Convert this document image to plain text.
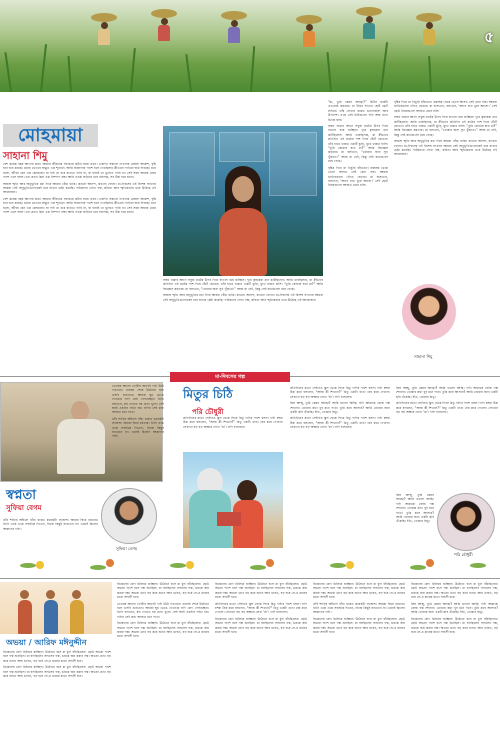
৫
মোহমায়া
সাহানা শিমু

বেশ কয়েক বছর আগের কথা। আমার জীবনের সবচেয়ে কঠিন সময় তখন। একদিন সকালে দেখলাম মেঘলা আকাশ, বৃষ্টি হবে হবে করছে। মনের ভেতরে অদ্ভুত এক শূন্যতা। আমি জানালার পাশে বসে দেখছিলাম কীভাবে পাখিরা ঘরে ফিরছে। মনে হলো, জীবন যেন এক মোহমায়া। যা পাই তা ধরে রাখতে পারি না, যা হারাই তা ভুলতে পারি না। সেই সময় আমার মেয়ে পাশে এসে বসল। ওর চোখে ছিল এক নিষ্পাপ প্রশ্ন। আমি তাকে জড়িয়ে ধরে বললাম, সব ঠিক হয়ে যাবে।

অজস্র স্মৃতি আর অনুভূতির মধ্য দিয়ে আমরা বেঁচে থাকি। কখনো আনন্দ, কখনো বেদনা। মা-দিবসের এই বিশেষ সংখ্যায় আমরা সেই অনুভূতিগুলোকেই ধরে রাখার চেষ্টা করেছি। পাঠকদের লেখা গল্প, কবিতা আর স্মৃতিকথায় ভরে উঠেছে এই আয়োজন।

বেশ কয়েক বছর আগের কথা। আমার জীবনের সবচেয়ে কঠিন সময় তখন। একদিন সকালে দেখলাম মেঘলা আকাশ, বৃষ্টি হবে হবে করছে। মনের ভেতরে অদ্ভুত এক শূন্যতা। আমি জানালার পাশে বসে দেখছিলাম কীভাবে পাখিরা ঘরে ফিরছে। মনে হলো, জীবন যেন এক মোহমায়া। যা পাই তা ধরে রাখতে পারি না, যা হারাই তা ভুলতে পারি না। সেই সময় আমার মেয়ে পাশে এসে বসল। ওর চোখে ছিল এক নিষ্পাপ প্রশ্ন। আমি তাকে জড়িয়ে ধরে বললাম, সব ঠিক হয়ে যাবে।

সন্ধ্যা নামার আগে সবুজ মাঠের উপর দিয়ে বাতাস বয়ে যাচ্ছিল। দূরে কৃষকেরা ধান কাটছিলেন। আমি ভাবছিলাম, মা কীভাবে প্রতিদিন এই মাঠের পাশ দিয়ে হেঁটে যেতেন। তাঁর হাতে থাকত একটি ঝুড়ি, মুখে থাকত হাসি। “তুমি কোথায় যাও মা?” আমি জিজ্ঞেস করতাম। মা বলতেন, “তোমার জন্য সুখ খুঁজতে।” আজ মা নেই, কিন্তু সেই কথাগুলো রয়ে গেছে।

অজস্র স্মৃতি আর অনুভূতির মধ্য দিয়ে আমরা বেঁচে থাকি। কখনো আনন্দ, কখনো বেদনা। মা-দিবসের এই বিশেষ সংখ্যায় আমরা সেই অনুভূতিগুলোকেই ধরে রাখার চেষ্টা করেছি। পাঠকদের লেখা গল্প, কবিতা আর স্মৃতিকথায় ভরে উঠেছে এই আয়োজন।

“মা, তুমি কেমন আছো?” চিঠির শুরুটা এভাবেই করতাম। মা উত্তর দিতেন ছোট ছোট লাইনে। তাঁর লেখায় থাকত ভালোবাসা আর উপদেশ। এখন সেই চিঠিগুলো পড়ি আর চোখ ভিজে যায়।

সন্ধ্যা নামার আগে সবুজ মাঠের উপর দিয়ে বাতাস বয়ে যাচ্ছিল। দূরে কৃষকেরা ধান কাটছিলেন। আমি ভাবছিলাম, মা কীভাবে প্রতিদিন এই মাঠের পাশ দিয়ে হেঁটে যেতেন। তাঁর হাতে থাকত একটি ঝুড়ি, মুখে থাকত হাসি। “তুমি কোথায় যাও মা?” আমি জিজ্ঞেস করতাম। মা বলতেন, “তোমার জন্য সুখ খুঁজতে।” আজ মা নেই, কিন্তু সেই কথাগুলো রয়ে গেছে।

বৃষ্টির দিনে মা খিচুড়ি রাঁধতেন। রান্নাঘর থেকে ভেসে আসত সেই চেনা গন্ধ। আমরা ভাইবোনেরা দৌড়ে যেতাম। মা হাসতেন, বলতেন, ‘আগে হাত ধুয়ে আসো।’ সেই ছোট্ট নিয়মগুলো আজও মেনে চলি।

বৃষ্টির দিনে মা খিচুড়ি রাঁধতেন। রান্নাঘর থেকে ভেসে আসত সেই চেনা গন্ধ। আমরা ভাইবোনেরা দৌড়ে যেতাম। মা হাসতেন, বলতেন, ‘আগে হাত ধুয়ে আসো।’ সেই ছোট্ট নিয়মগুলো আজও মেনে চলি।

সন্ধ্যা নামার আগে সবুজ মাঠের উপর দিয়ে বাতাস বয়ে যাচ্ছিল। দূরে কৃষকেরা ধান কাটছিলেন। আমি ভাবছিলাম, মা কীভাবে প্রতিদিন এই মাঠের পাশ দিয়ে হেঁটে যেতেন। তাঁর হাতে থাকত একটি ঝুড়ি, মুখে থাকত হাসি। “তুমি কোথায় যাও মা?” আমি জিজ্ঞেস করতাম। মা বলতেন, “তোমার জন্য সুখ খুঁজতে।” আজ মা নেই, কিন্তু সেই কথাগুলো রয়ে গেছে।

অজস্র স্মৃতি আর অনুভূতির মধ্য দিয়ে আমরা বেঁচে থাকি। কখনো আনন্দ, কখনো বেদনা। মা-দিবসের এই বিশেষ সংখ্যায় আমরা সেই অনুভূতিগুলোকেই ধরে রাখার চেষ্টা করেছি। পাঠকদের লেখা গল্প, কবিতা আর স্মৃতিকথায় ভরে উঠেছে এই আয়োজন।

সাহানা শিমু
মা-দিবসের গল্প
স্বপ্নতা
সুফিয়া বেগম
সুফিয়া বেগম

তাঁর শাড়ির আঁচলে বাঁধা থাকত কয়েকটা লজেন্স। আমরা ঘিরে ধরতাম। তিনি একে একে সবাইকে দিতেন, নিজে কিছুই রাখতেন না। এমনই ছিলেন আমাদের দাদি।

ভোরের আলো ফোটার আগেই দাদি উঠে পড়তেন। নামাজ শেষে উঠোনে বসে তসবি গুনতেন। আমরা ঘুম ভেঙে দেখতাম দাদি রোদ পোহাচ্ছেন। তিনি বলতেন, স্বপ্ন দেখতে হয় চোখ খুলে। সেই স্বপ্নই একদিন সত্যি হয়। দাদির সেই কথা আজও মনে পড়ে।

তাঁর শাড়ির আঁচলে বাঁধা থাকত কয়েকটা লজেন্স। আমরা ঘিরে ধরতাম। তিনি একে একে সবাইকে দিতেন, নিজে কিছুই রাখতেন না। এমনই ছিলেন আমাদের দাদি।

প্রতিদিনের মতো সেদিনও স্কুল থেকে ফিরে মিতু দাদির পাশে বসল। দাদি চশমা ঠিক করে বললেন, “আজ কী শিখলে?” মিতু একটা খাতা বের করে দেখাল। সেখানে বড় বড় অক্ষরে লেখা ‘মা’। দাদি হাসলেন।

প্রতিদিনের মতো সেদিনও স্কুল থেকে ফিরে মিতু দাদির পাশে বসল। দাদি চশমা ঠিক করে বললেন, “আজ কী শিখলে?” মিতু একটা খাতা বের করে দেখাল। সেখানে বড় বড় অক্ষরে লেখা ‘মা’। দাদি হাসলেন।

প্রিয় আম্মু, তুমি কেমন আছো? আমি ভালো আছি। দাদি আমাকে রোজ গল্প শোনান। তোমার কথা খুব মনে পড়ে। তুমি কবে আসবে? আমি তোমার জন্য একটা ছবি এঁকেছি। ইতি, তোমার মিতু।

প্রতিদিনের মতো সেদিনও স্কুল থেকে ফিরে মিতু দাদির পাশে বসল। দাদি চশমা ঠিক করে বললেন, “আজ কী শিখলে?” মিতু একটা খাতা বের করে দেখাল। সেখানে বড় বড় অক্ষরে লেখা ‘মা’। দাদি হাসলেন।

প্রিয় আম্মু, তুমি কেমন আছো? আমি ভালো আছি। দাদি আমাকে রোজ গল্প শোনান। তোমার কথা খুব মনে পড়ে। তুমি কবে আসবে? আমি তোমার জন্য একটা ছবি এঁকেছি। ইতি, তোমার মিতু।

প্রতিদিনের মতো সেদিনও স্কুল থেকে ফিরে মিতু দাদির পাশে বসল। দাদি চশমা ঠিক করে বললেন, “আজ কী শিখলে?” মিতু একটা খাতা বের করে দেখাল। সেখানে বড় বড় অক্ষরে লেখা ‘মা’। দাদি হাসলেন।

প্রিয় আম্মু, তুমি কেমন আছো? আমি ভালো আছি। দাদি আমাকে রোজ গল্প শোনান। তোমার কথা খুব মনে পড়ে। তুমি কবে আসবে? আমি তোমার জন্য একটা ছবি এঁকেছি। ইতি, তোমার মিতু।

মিতুর চিঠি
পরি চৌধুরী
পরি চৌধুরী
অভয়া / আরিফ মঈনুদ্দীন

বিকেলের রোদ মিলিয়ে যাচ্ছিল। উঠোনে বসে মা চুল বাঁধছিলেন। ছোট্ট অভয়া পাশে বসে গল্প শুনছিল। মা বলছিলেন সাহসের গল্প, ভয়কে জয় করার গল্প। অভয়া চোখ বড় করে শুনত আর ভাবত, বড় হয়ে সে-ও মায়ের মতো সাহসী হবে।

বিকেলের রোদ মিলিয়ে যাচ্ছিল। উঠোনে বসে মা চুল বাঁধছিলেন। ছোট্ট অভয়া পাশে বসে গল্প শুনছিল। মা বলছিলেন সাহসের গল্প, ভয়কে জয় করার গল্প। অভয়া চোখ বড় করে শুনত আর ভাবত, বড় হয়ে সে-ও মায়ের মতো সাহসী হবে।

বিকেলের রোদ মিলিয়ে যাচ্ছিল। উঠোনে বসে মা চুল বাঁধছিলেন। ছোট্ট অভয়া পাশে বসে গল্প শুনছিল। মা বলছিলেন সাহসের গল্প, ভয়কে জয় করার গল্প। অভয়া চোখ বড় করে শুনত আর ভাবত, বড় হয়ে সে-ও মায়ের মতো সাহসী হবে।

ভোরের আলো ফোটার আগেই দাদি উঠে পড়তেন। নামাজ শেষে উঠোনে বসে তসবি গুনতেন। আমরা ঘুম ভেঙে দেখতাম দাদি রোদ পোহাচ্ছেন। তিনি বলতেন, স্বপ্ন দেখতে হয় চোখ খুলে। সেই স্বপ্নই একদিন সত্যি হয়। দাদির সেই কথা আজও মনে পড়ে।

বিকেলের রোদ মিলিয়ে যাচ্ছিল। উঠোনে বসে মা চুল বাঁধছিলেন। ছোট্ট অভয়া পাশে বসে গল্প শুনছিল। মা বলছিলেন সাহসের গল্প, ভয়কে জয় করার গল্প। অভয়া চোখ বড় করে শুনত আর ভাবত, বড় হয়ে সে-ও মায়ের মতো সাহসী হবে।

বিকেলের রোদ মিলিয়ে যাচ্ছিল। উঠোনে বসে মা চুল বাঁধছিলেন। ছোট্ট অভয়া পাশে বসে গল্প শুনছিল। মা বলছিলেন সাহসের গল্প, ভয়কে জয় করার গল্প। অভয়া চোখ বড় করে শুনত আর ভাবত, বড় হয়ে সে-ও মায়ের মতো সাহসী হবে।

প্রতিদিনের মতো সেদিনও স্কুল থেকে ফিরে মিতু দাদির পাশে বসল। দাদি চশমা ঠিক করে বললেন, “আজ কী শিখলে?” মিতু একটা খাতা বের করে দেখাল। সেখানে বড় বড় অক্ষরে লেখা ‘মা’। দাদি হাসলেন।

বিকেলের রোদ মিলিয়ে যাচ্ছিল। উঠোনে বসে মা চুল বাঁধছিলেন। ছোট্ট অভয়া পাশে বসে গল্প শুনছিল। মা বলছিলেন সাহসের গল্প, ভয়কে জয় করার গল্প। অভয়া চোখ বড় করে শুনত আর ভাবত, বড় হয়ে সে-ও মায়ের মতো সাহসী হবে।

বিকেলের রোদ মিলিয়ে যাচ্ছিল। উঠোনে বসে মা চুল বাঁধছিলেন। ছোট্ট অভয়া পাশে বসে গল্প শুনছিল। মা বলছিলেন সাহসের গল্প, ভয়কে জয় করার গল্প। অভয়া চোখ বড় করে শুনত আর ভাবত, বড় হয়ে সে-ও মায়ের মতো সাহসী হবে।

তাঁর শাড়ির আঁচলে বাঁধা থাকত কয়েকটা লজেন্স। আমরা ঘিরে ধরতাম। তিনি একে একে সবাইকে দিতেন, নিজে কিছুই রাখতেন না। এমনই ছিলেন আমাদের দাদি।

বিকেলের রোদ মিলিয়ে যাচ্ছিল। উঠোনে বসে মা চুল বাঁধছিলেন। ছোট্ট অভয়া পাশে বসে গল্প শুনছিল। মা বলছিলেন সাহসের গল্প, ভয়কে জয় করার গল্প। অভয়া চোখ বড় করে শুনত আর ভাবত, বড় হয়ে সে-ও মায়ের মতো সাহসী হবে।

বিকেলের রোদ মিলিয়ে যাচ্ছিল। উঠোনে বসে মা চুল বাঁধছিলেন। ছোট্ট অভয়া পাশে বসে গল্প শুনছিল। মা বলছিলেন সাহসের গল্প, ভয়কে জয় করার গল্প। অভয়া চোখ বড় করে শুনত আর ভাবত, বড় হয়ে সে-ও মায়ের মতো সাহসী হবে।

প্রিয় আম্মু, তুমি কেমন আছো? আমি ভালো আছি। দাদি আমাকে রোজ গল্প শোনান। তোমার কথা খুব মনে পড়ে। তুমি কবে আসবে? আমি তোমার জন্য একটা ছবি এঁকেছি। ইতি, তোমার মিতু।

বিকেলের রোদ মিলিয়ে যাচ্ছিল। উঠোনে বসে মা চুল বাঁধছিলেন। ছোট্ট অভয়া পাশে বসে গল্প শুনছিল। মা বলছিলেন সাহসের গল্প, ভয়কে জয় করার গল্প। অভয়া চোখ বড় করে শুনত আর ভাবত, বড় হয়ে সে-ও মায়ের মতো সাহসী হবে।
